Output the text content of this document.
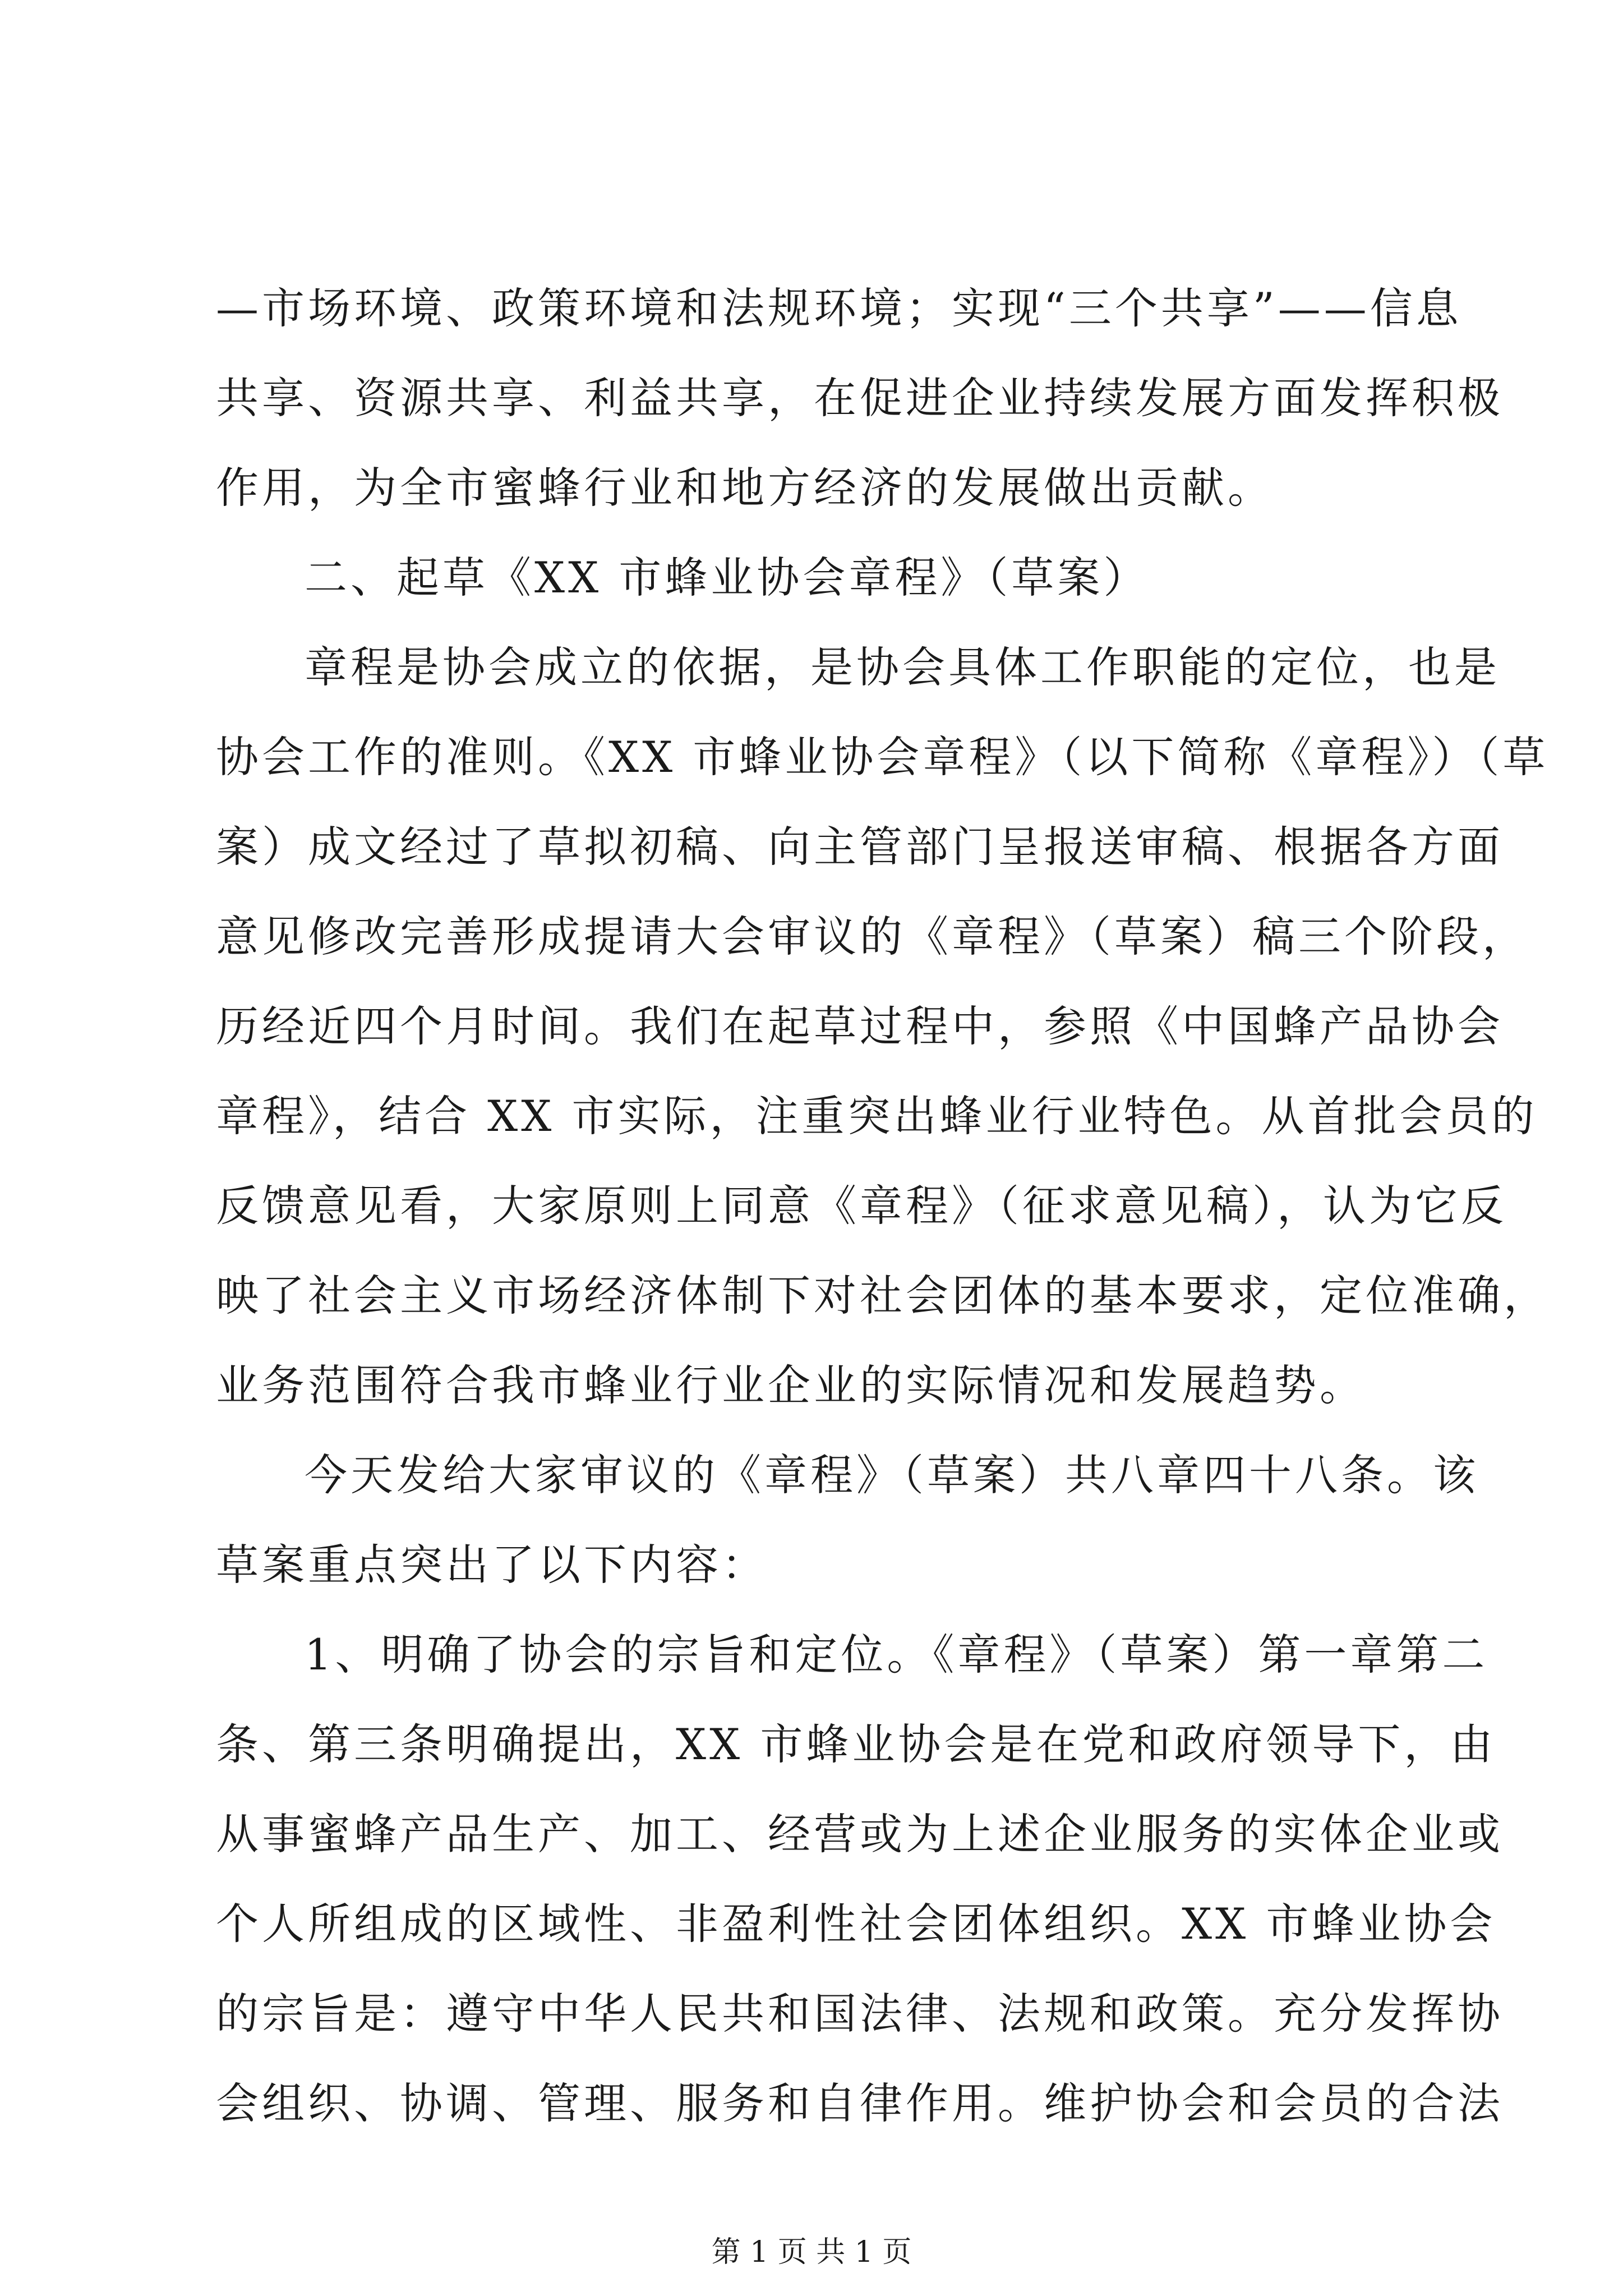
—市场环境、政策环境和法规环境；实现“三个共享”——信息
共享、资源共享、利益共享，在促进企业持续发展方面发挥积极
作用，为全市蜜蜂行业和地方经济的发展做出贡献。
二、起草《XX 市蜂业协会章程》（草案）
章程是协会成立的依据，是协会具体工作职能的定位，也是
协会工作的准则。《XX 市蜂业协会章程》（以下简称《章程》）（草
案）成文经过了草拟初稿、向主管部门呈报送审稿、根据各方面
意见修改完善形成提请大会审议的《章程》（草案）稿三个阶段，
历经近四个月时间。我们在起草过程中，参照《中国蜂产品协会
章程》，结合 XX 市实际，注重突出蜂业行业特色。从首批会员的
反馈意见看，大家原则上同意《章程》（征求意见稿），认为它反
映了社会主义市场经济体制下对社会团体的基本要求，定位准确，
业务范围符合我市蜂业行业企业的实际情况和发展趋势。
今天发给大家审议的《章程》（草案）共八章四十八条。该
草案重点突出了以下内容：
1、明确了协会的宗旨和定位。《章程》（草案）第一章第二
条、第三条明确提出，XX 市蜂业协会是在党和政府领导下，由
从事蜜蜂产品生产、加工、经营或为上述企业服务的实体企业或
个人所组成的区域性、非盈利性社会团体组织。XX 市蜂业协会
的宗旨是：遵守中华人民共和国法律、法规和政策。充分发挥协
会组织、协调、管理、服务和自律作用。维护协会和会员的合法
第 1 页 共 1 页
